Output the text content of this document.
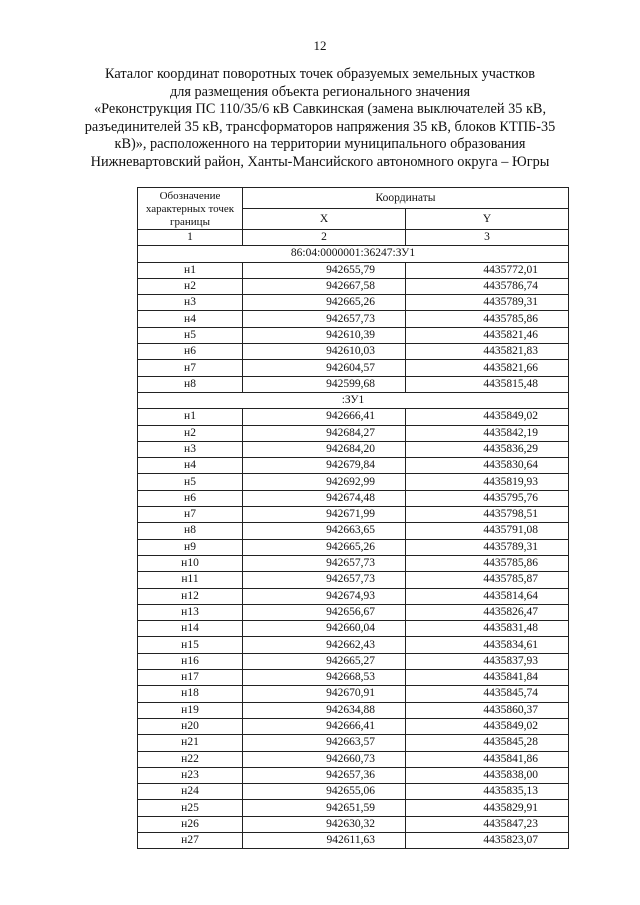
12
Каталог координат поворотных точек образуемых земельных участков
для размещения объекта регионального значения
«Реконструкция ПС 110/35/6 кВ Савкинская (замена выключателей 35 кВ,
разъединителей 35 кВ, трансформаторов напряжения 35 кВ, блоков КТПБ-35
кВ)», расположенного на территории муниципального образования
Нижневартовский район, Ханты-Мансийского автономного округа – Югры
Обозначение характерных точек границы	Координаты	
	X	Y
1	2	3
86:04:0000001:36247:ЗУ1		
н1	942655,79	4435772,01
н2	942667,58	4435786,74
н3	942665,26	4435789,31
н4	942657,73	4435785,86
н5	942610,39	4435821,46
н6	942610,03	4435821,83
н7	942604,57	4435821,66
н8	942599,68	4435815,48
:ЗУ1		
н1	942666,41	4435849,02
н2	942684,27	4435842,19
н3	942684,20	4435836,29
н4	942679,84	4435830,64
н5	942692,99	4435819,93
н6	942674,48	4435795,76
н7	942671,99	4435798,51
н8	942663,65	4435791,08
н9	942665,26	4435789,31
н10	942657,73	4435785,86
н11	942657,73	4435785,87
н12	942674,93	4435814,64
н13	942656,67	4435826,47
н14	942660,04	4435831,48
н15	942662,43	4435834,61
н16	942665,27	4435837,93
н17	942668,53	4435841,84
н18	942670,91	4435845,74
н19	942634,88	4435860,37
н20	942666,41	4435849,02
н21	942663,57	4435845,28
н22	942660,73	4435841,86
н23	942657,36	4435838,00
н24	942655,06	4435835,13
н25	942651,59	4435829,91
н26	942630,32	4435847,23
н27	942611,63	4435823,07
